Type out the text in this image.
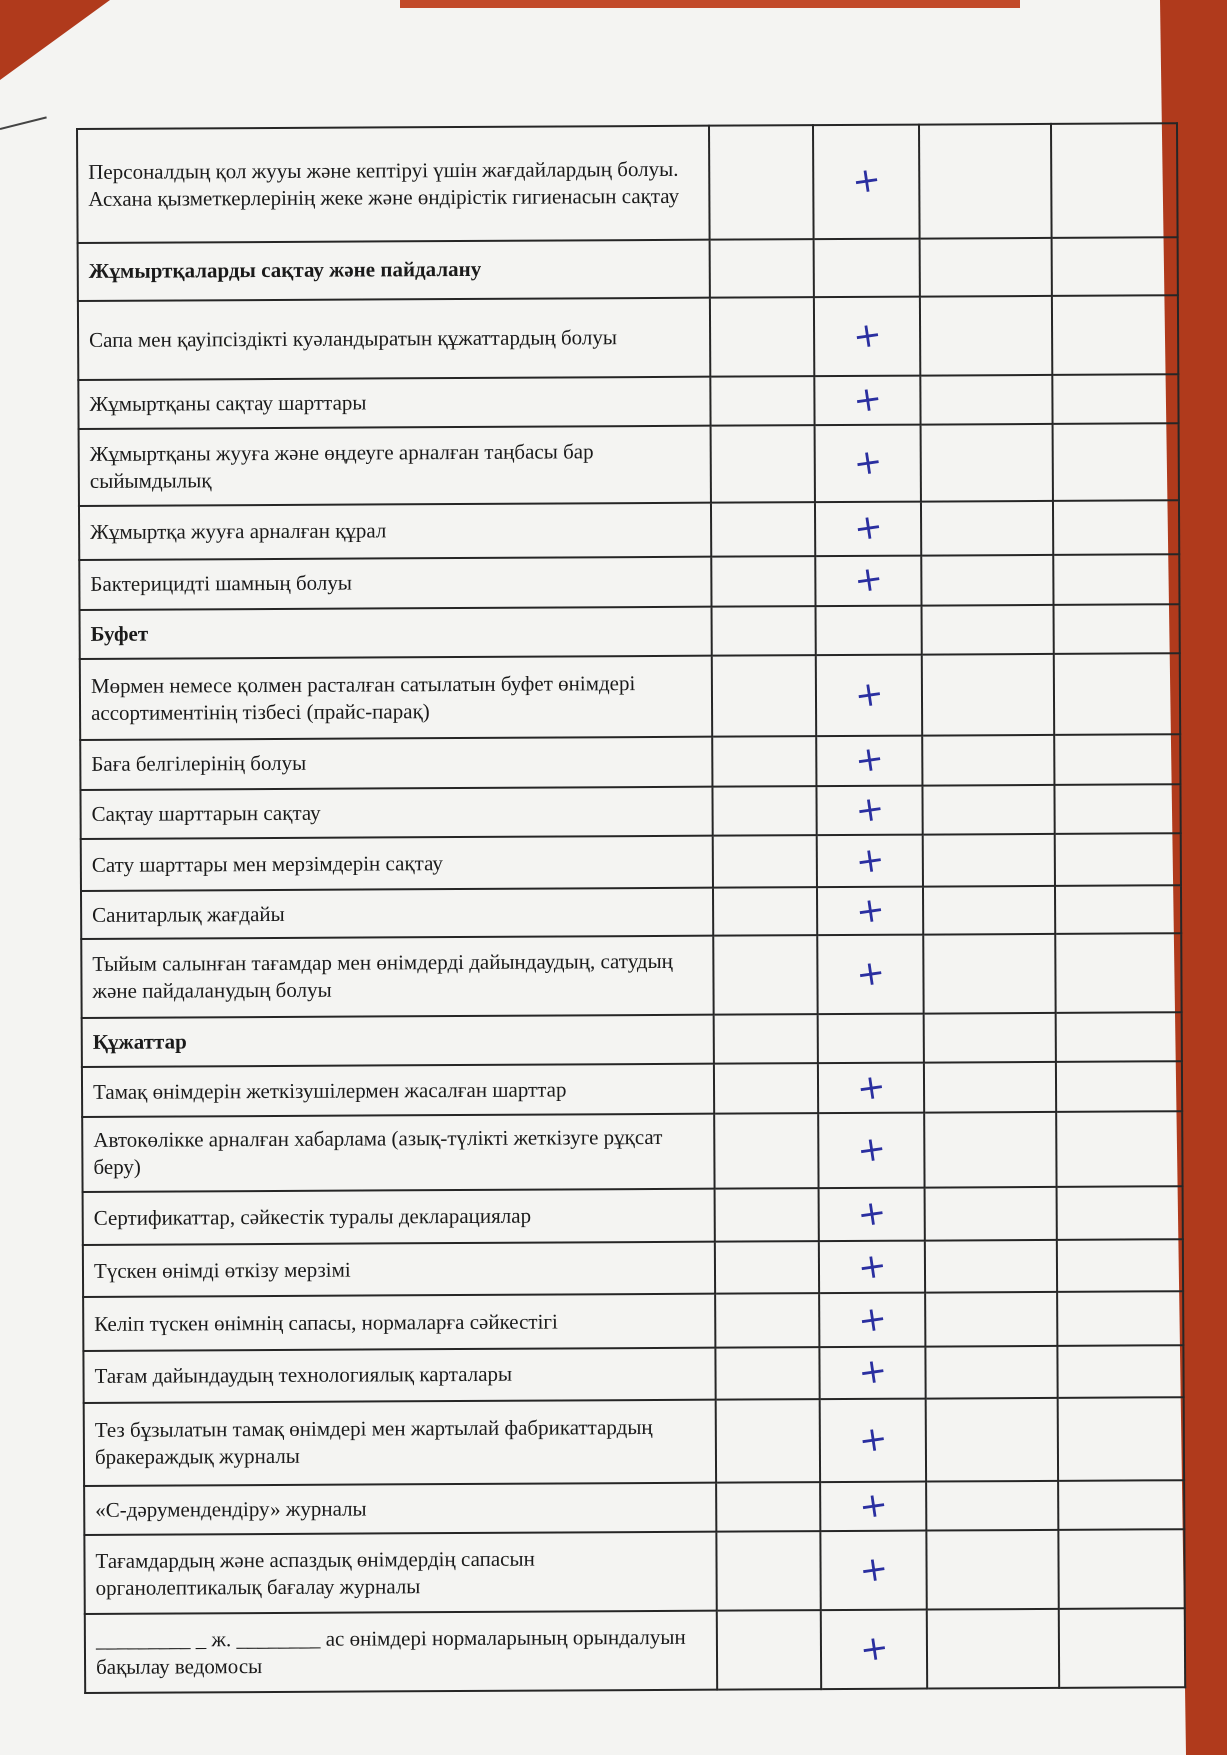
Персоналдың қол жууы және кептіруі үшін жағдайлардың болуы. Асхана қызметкерлерінің жеке және өндірістік гигиенасын сақтау		+		
Жұмыртқаларды сақтау және пайдалану				
Сапа мен қауіпсіздікті куәландыратын құжаттардың болуы		+		
Жұмыртқаны сақтау шарттары		+		
Жұмыртқаны жууға және өңдеуге арналған таңбасы бар сыйымдылық		+		
Жұмыртқа жууға арналған құрал		+		
Бактерицидті шамның болуы		+		
Буфет				
Мөрмен немесе қолмен расталған сатылатын буфет өнімдері ассортиментінің тізбесі (прайс-парақ)		+		
Баға белгілерінің болуы		+		
Сақтау шарттарын сақтау		+		
Сату шарттары мен мерзімдерін сақтау		+		
Санитарлық жағдайы		+		
Тыйым салынған тағамдар мен өнімдерді дайындаудың, сатудың және пайдаланудың болуы		+		
Құжаттар				
Тамақ өнімдерін жеткізушілермен жасалған шарттар		+		
Автокөлікке арналған хабарлама (азық-түлікті жеткізуге рұқсат беру)		+		
Сертификаттар, сәйкестік туралы декларациялар		+		
Түскен өнімді өткізу мерзімі		+		
Келіп түскен өнімнің сапасы, нормаларға сәйкестігі		+		
Тағам дайындаудың технологиялық карталары		+		
Тез бұзылатын тамақ өнімдері мен жартылай фабрикаттардың бракераждық журналы		+		
«С-дәрумендендіру» журналы		+		
Тағамдардың және аспаздық өнімдердің сапасын органолептикалық бағалау журналы		+		
_________ _ ж. ________ ас өнімдері нормаларының орындалуын бақылау ведомосы		+		
